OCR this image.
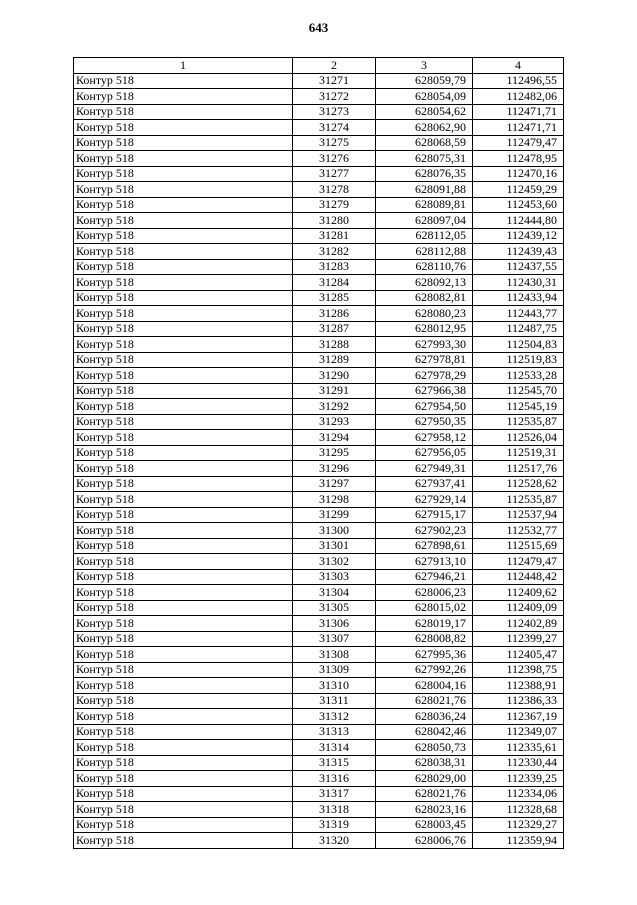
643
1	2	3	4
Контур 518	31271	628059,79	112496,55
Контур 518	31272	628054,09	112482,06
Контур 518	31273	628054,62	112471,71
Контур 518	31274	628062,90	112471,71
Контур 518	31275	628068,59	112479,47
Контур 518	31276	628075,31	112478,95
Контур 518	31277	628076,35	112470,16
Контур 518	31278	628091,88	112459,29
Контур 518	31279	628089,81	112453,60
Контур 518	31280	628097,04	112444,80
Контур 518	31281	628112,05	112439,12
Контур 518	31282	628112,88	112439,43
Контур 518	31283	628110,76	112437,55
Контур 518	31284	628092,13	112430,31
Контур 518	31285	628082,81	112433,94
Контур 518	31286	628080,23	112443,77
Контур 518	31287	628012,95	112487,75
Контур 518	31288	627993,30	112504,83
Контур 518	31289	627978,81	112519,83
Контур 518	31290	627978,29	112533,28
Контур 518	31291	627966,38	112545,70
Контур 518	31292	627954,50	112545,19
Контур 518	31293	627950,35	112535,87
Контур 518	31294	627958,12	112526,04
Контур 518	31295	627956,05	112519,31
Контур 518	31296	627949,31	112517,76
Контур 518	31297	627937,41	112528,62
Контур 518	31298	627929,14	112535,87
Контур 518	31299	627915,17	112537,94
Контур 518	31300	627902,23	112532,77
Контур 518	31301	627898,61	112515,69
Контур 518	31302	627913,10	112479,47
Контур 518	31303	627946,21	112448,42
Контур 518	31304	628006,23	112409,62
Контур 518	31305	628015,02	112409,09
Контур 518	31306	628019,17	112402,89
Контур 518	31307	628008,82	112399,27
Контур 518	31308	627995,36	112405,47
Контур 518	31309	627992,26	112398,75
Контур 518	31310	628004,16	112388,91
Контур 518	31311	628021,76	112386,33
Контур 518	31312	628036,24	112367,19
Контур 518	31313	628042,46	112349,07
Контур 518	31314	628050,73	112335,61
Контур 518	31315	628038,31	112330,44
Контур 518	31316	628029,00	112339,25
Контур 518	31317	628021,76	112334,06
Контур 518	31318	628023,16	112328,68
Контур 518	31319	628003,45	112329,27
Контур 518	31320	628006,76	112359,94
